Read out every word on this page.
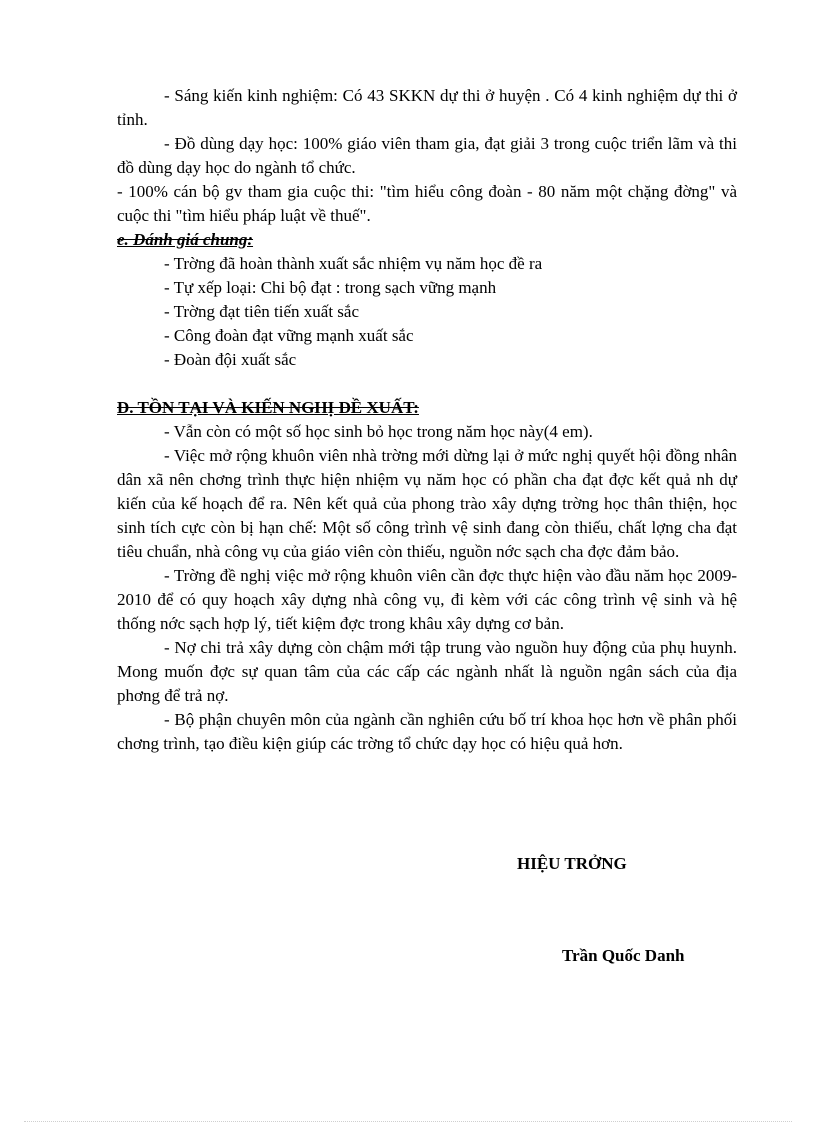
- Sáng kiến kinh nghiệm: Có 43 SKKN dự thi ở huyện . Có 4 kinh nghiệm dự thi ở tỉnh.

- Đồ dùng dạy học: 100% giáo viên tham gia, đạt giải 3 trong cuộc triển lãm và thi đồ dùng dạy học do ngành tổ chức.

- 100% cán bộ gv tham gia cuộc thi: "tìm hiểu công đoàn - 80 năm một chặng đờng" và cuộc thi "tìm hiểu pháp luật về thuế".

e. Đánh giá chung:

- Trờng đã hoàn thành xuất sắc nhiệm vụ năm học đề ra

- Tự xếp loại: Chi bộ đạt : trong sạch vững mạnh

- Trờng đạt tiên tiến xuất sắc

- Công đoàn đạt vững mạnh xuất sắc

- Đoàn đội xuất sắc

D. TỒN TẠI VÀ KIẾN NGHỊ ĐỀ XUẤT:

- Vẫn còn có một số học sinh bỏ học trong năm học này(4 em).

- Việc mở rộng khuôn viên nhà trờng mới dừng lại ở mức nghị quyết hội đồng nhân dân xã nên chơng trình thực hiện nhiệm vụ năm học có phần cha đạt đợc kết quả nh dự kiến của kế hoạch để ra. Nên kết quả của phong trào xây dựng trờng học thân thiện, học sinh tích cực còn bị hạn chế: Một số công trình vệ sinh đang còn thiếu, chất lợng cha đạt tiêu chuẩn, nhà công vụ của giáo viên còn thiếu, nguồn nớc sạch cha đợc đảm bảo.

- Trờng đề nghị việc mở rộng khuôn viên cần đợc thực hiện vào đầu năm học 2009-2010 để có quy hoạch xây dựng nhà công vụ, đi kèm với các công trình vệ sinh và hệ thống nớc sạch hợp lý, tiết kiệm đợc trong khâu xây dựng cơ bản.

- Nợ chi trả xây dựng còn chậm mới tập trung vào nguồn huy động của phụ huynh. Mong muốn đợc sự quan tâm của các cấp các ngành nhất là nguồn ngân sách của địa phơng để trả nợ.

- Bộ phận chuyên môn của ngành cần nghiên cứu bố trí khoa học hơn về phân phối chơng trình, tạo điều kiện giúp các trờng tổ chức dạy học có hiệu quả hơn.

HIỆU TRỞNG
Trần Quốc Danh
